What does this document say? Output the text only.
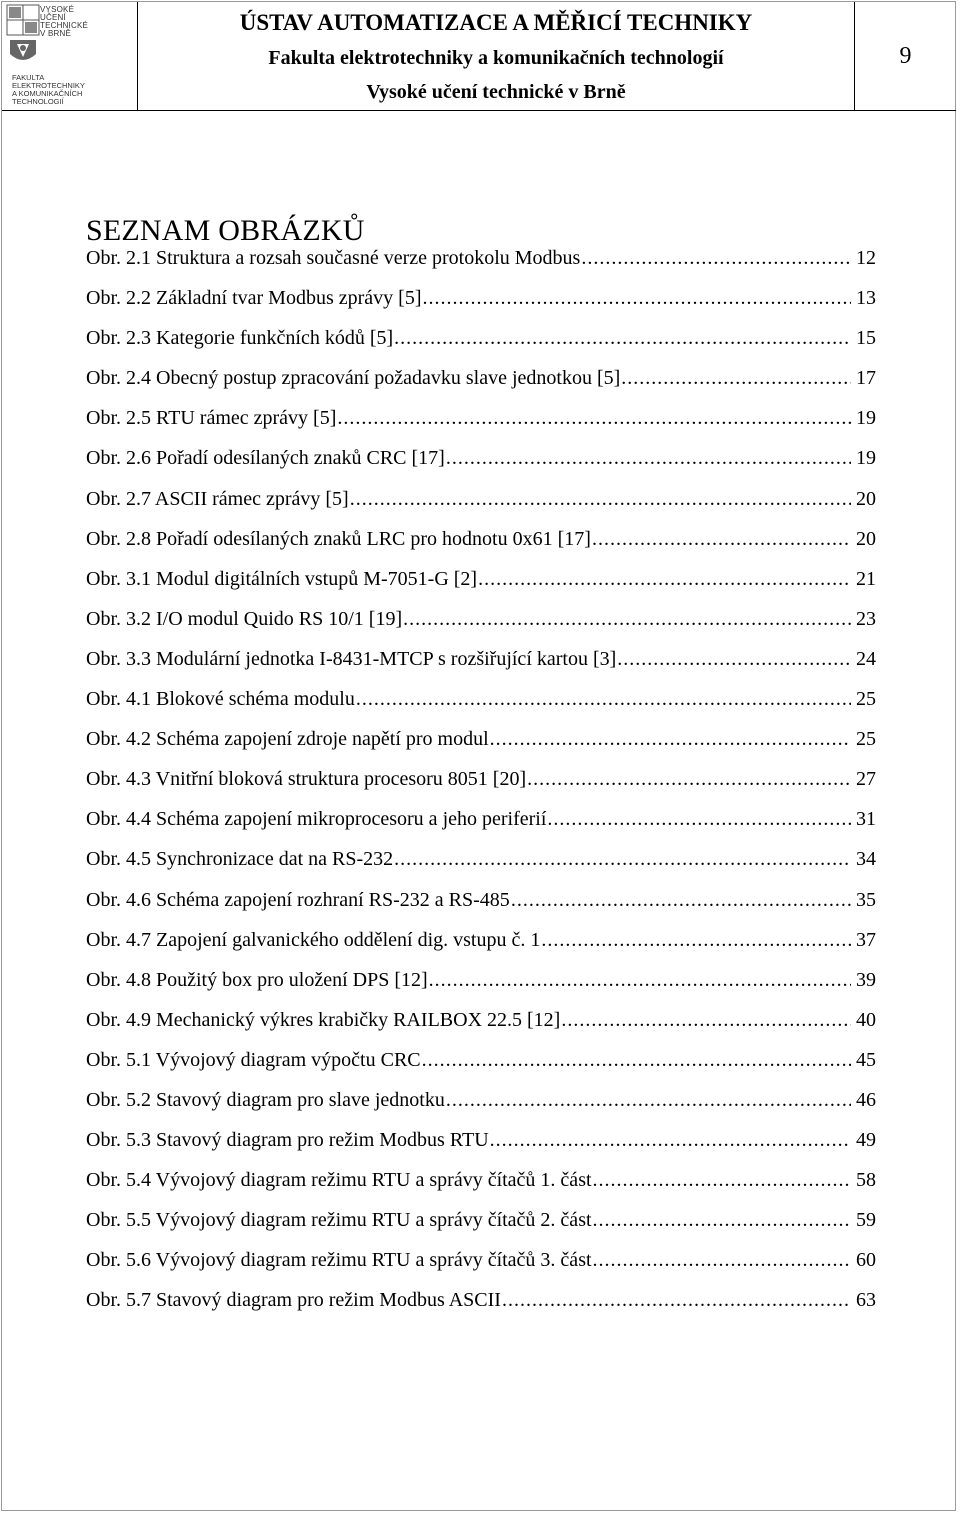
VYSOKÉ
UČENÍ
TECHNICKÉ
V BRNĚ
FAKULTA
ELEKTROTECHNIKY
A KOMUNIKAČNÍCH
TECHNOLOGIÍ
ÚSTAV AUTOMATIZACE A MĚŘICÍ TECHNIKY
Fakulta elektrotechniky a komunikačních technologií
Vysoké učení technické v Brně
9
SEZNAM OBRÁZKŮ
Obr. 2.1 Struktura a rozsah současné verze protokolu Modbus .....	12
Obr. 2.2 Základní tvar Modbus zprávy [5] .....	13
Obr. 2.3 Kategorie funkčních kódů [5] .....	15
Obr. 2.4 Obecný postup zpracování požadavku slave jednotkou [5] .....	17
Obr. 2.5 RTU rámec zprávy [5] .....	19
Obr. 2.6 Pořadí odesílaných znaků CRC [17] .....	19
Obr. 2.7 ASCII rámec zprávy [5] .....	20
Obr. 2.8 Pořadí odesílaných znaků LRC pro hodnotu 0x61 [17] .....	20
Obr. 3.1 Modul digitálních vstupů M-7051-G [2] .....	21
Obr. 3.2 I/O modul Quido RS 10/1 [19] .....	23
Obr. 3.3 Modulární jednotka I-8431-MTCP s rozšiřující kartou [3] .....	24
Obr. 4.1 Blokové schéma modulu .....	25
Obr. 4.2 Schéma zapojení zdroje napětí pro modul .....	25
Obr. 4.3 Vnitřní bloková struktura procesoru 8051 [20] .....	27
Obr. 4.4 Schéma zapojení mikroprocesoru a jeho periferií .....	31
Obr. 4.5 Synchronizace dat na RS-232 .....	34
Obr. 4.6 Schéma zapojení rozhraní RS-232 a RS-485 .....	35
Obr. 4.7 Zapojení galvanického oddělení dig. vstupu č. 1 .....	37
Obr. 4.8 Použitý box pro uložení DPS [12] .....	39
Obr. 4.9 Mechanický výkres krabičky RAILBOX 22.5 [12] .....	40
Obr. 5.1 Vývojový diagram výpočtu CRC .....	45
Obr. 5.2 Stavový diagram pro slave jednotku .....	46
Obr. 5.3 Stavový diagram pro režim Modbus RTU .....	49
Obr. 5.4 Vývojový diagram režimu RTU a správy čítačů 1. část .....	58
Obr. 5.5 Vývojový diagram režimu RTU a správy čítačů 2. část .....	59
Obr. 5.6 Vývojový diagram režimu RTU a správy čítačů 3. část .....	60
Obr. 5.7 Stavový diagram pro režim Modbus ASCII .....	63
